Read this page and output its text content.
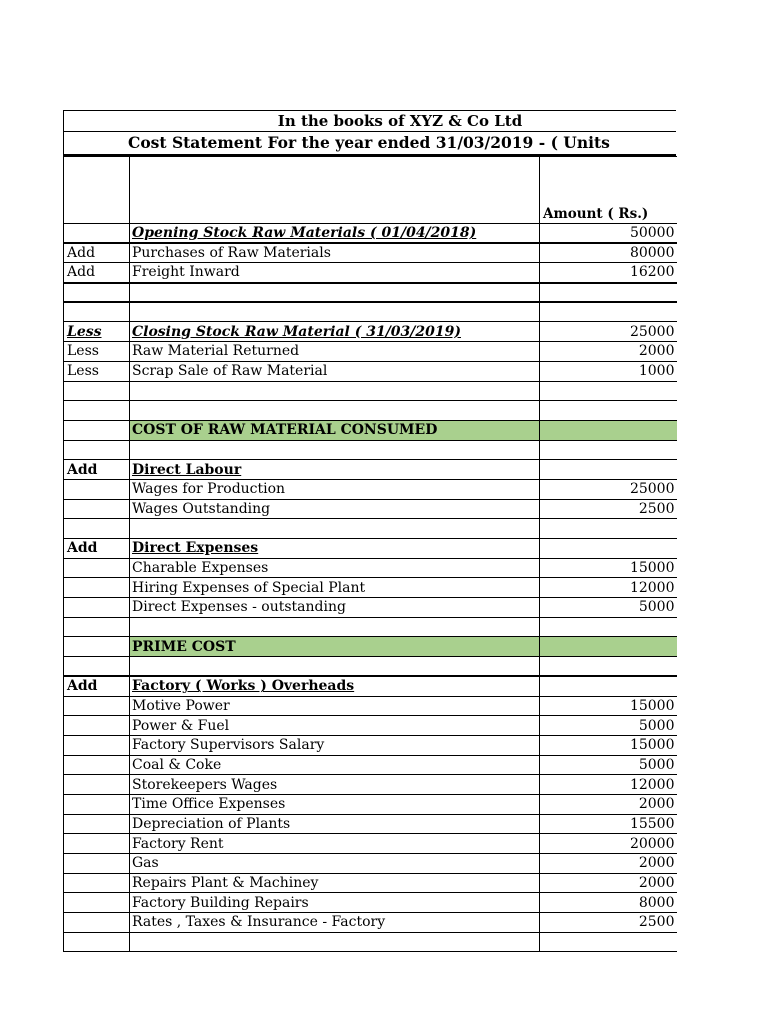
In the books of XYZ & Co Ltd
Cost Statement For the year ended 31/03/2019 - ( Units
		Amount ( Rs.)
	Opening Stock Raw Materials ( 01/04/2018)	50000
Add	Purchases of Raw Materials	80000
Add	Freight Inward	16200

Less	Closing Stock Raw Material ( 31/03/2019)	25000
Less	Raw Material Returned	2000
Less	Scrap Sale of Raw Material	1000

	COST OF RAW MATERIAL CONSUMED	

Add	Direct Labour	
	Wages for Production	25000
	Wages Outstanding	2500

Add	Direct Expenses	
	Charable Expenses	15000
	Hiring Expenses of Special Plant	12000
	Direct Expenses - outstanding	5000

	PRIME COST	

Add	Factory ( Works ) Overheads	
	Motive Power	15000
	Power & Fuel	5000
	Factory Supervisors Salary	15000
	Coal & Coke	5000
	Storekeepers Wages	12000
	Time Office Expenses	2000
	Depreciation of Plants	15500
	Factory Rent	20000
	Gas	2000
	Repairs Plant & Machiney	2000
	Factory Building Repairs	8000
	Rates , Taxes & Insurance - Factory	2500
